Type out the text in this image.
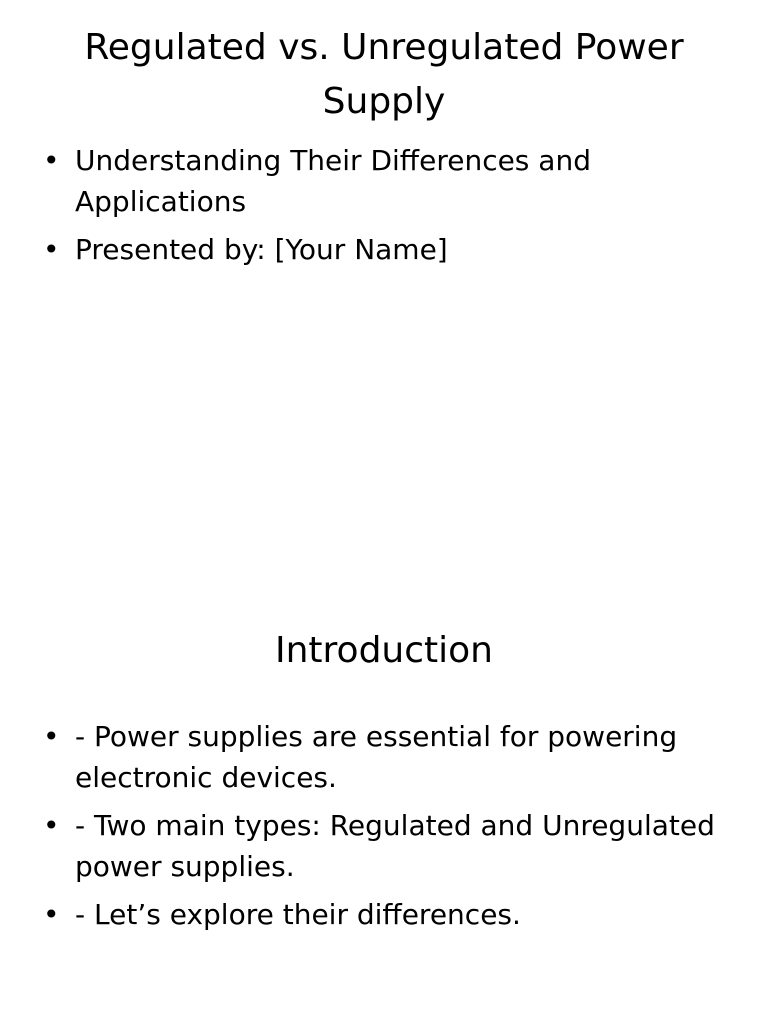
Regulated vs. Unregulated Power Supply
• Understanding Their Differences and Applications
• Presented by: [Your Name]
Introduction
• - Power supplies are essential for powering electronic devices.
• - Two main types: Regulated and Unregulated power supplies.
• - Let’s explore their differences.
